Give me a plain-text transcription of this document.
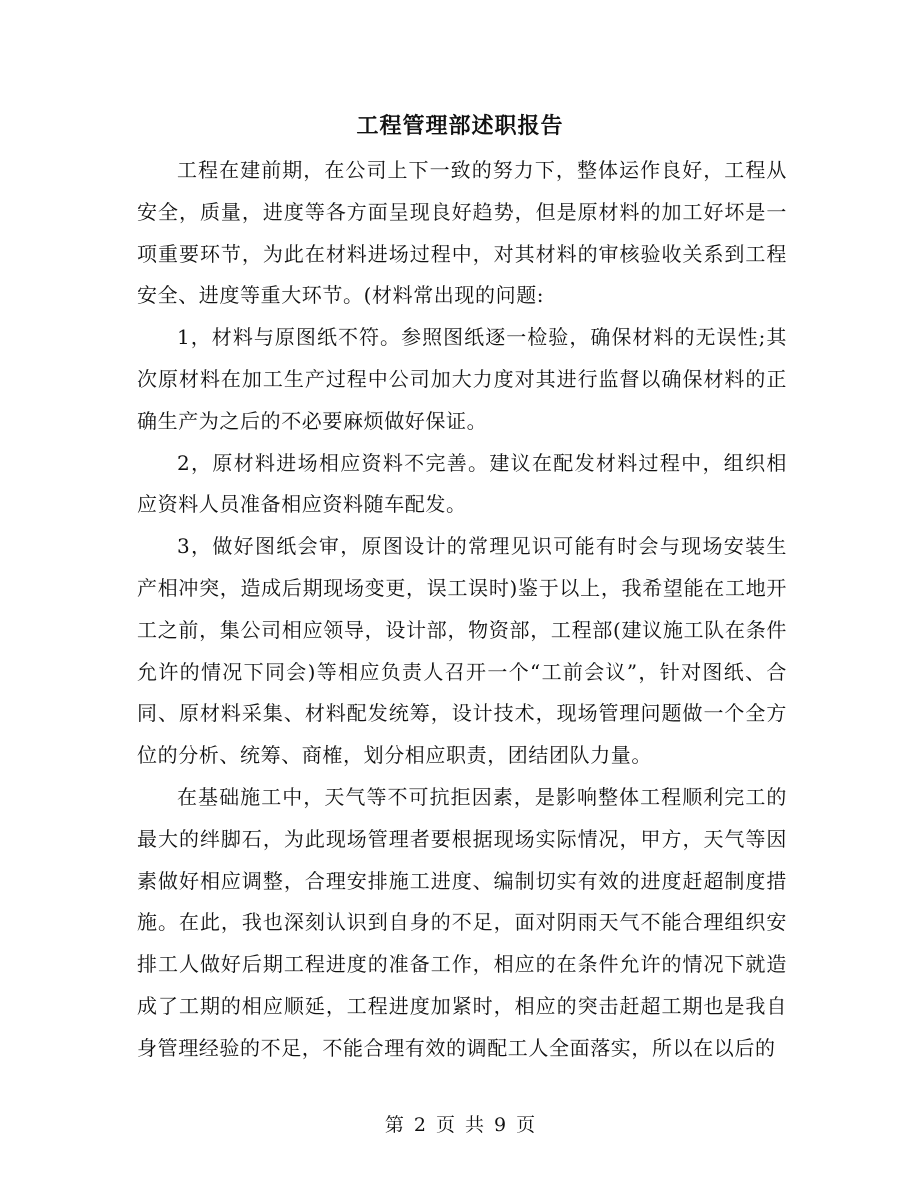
工程管理部述职报告

工程在建前期，在公司上下一致的努力下，整体运作良好，工程从安全，质量，进度等各方面呈现良好趋势，但是原材料的加工好坏是一项重要环节，为此在材料进场过程中，对其材料的审核验收关系到工程安全、进度等重大环节。(材料常出现的问题:

1，材料与原图纸不符。参照图纸逐一检验，确保材料的无误性;其次原材料在加工生产过程中公司加大力度对其进行监督以确保材料的正确生产为之后的不必要麻烦做好保证。

2，原材料进场相应资料不完善。建议在配发材料过程中，组织相应资料人员准备相应资料随车配发。

3，做好图纸会审，原图设计的常理见识可能有时会与现场安装生产相冲突，造成后期现场变更，误工误时)鉴于以上，我希望能在工地开工之前，集公司相应领导，设计部，物资部，工程部(建议施工队在条件允许的情况下同会)等相应负责人召开一个“工前会议”，针对图纸、合同、原材料采集、材料配发统筹，设计技术，现场管理问题做一个全方位的分析、统筹、商榷，划分相应职责，团结团队力量。

在基础施工中，天气等不可抗拒因素，是影响整体工程顺利完工的最大的绊脚石，为此现场管理者要根据现场实际情况，甲方，天气等因素做好相应调整，合理安排施工进度、编制切实有效的进度赶超制度措施。在此，我也深刻认识到自身的不足，面对阴雨天气不能合理组织安排工人做好后期工程进度的准备工作，相应的在条件允许的情况下就造成了工期的相应顺延，工程进度加紧时，相应的突击赶超工期也是我自身管理经验的不足，不能合理有效的调配工人全面落实，所以在以后的

第 2 页 共 9 页
